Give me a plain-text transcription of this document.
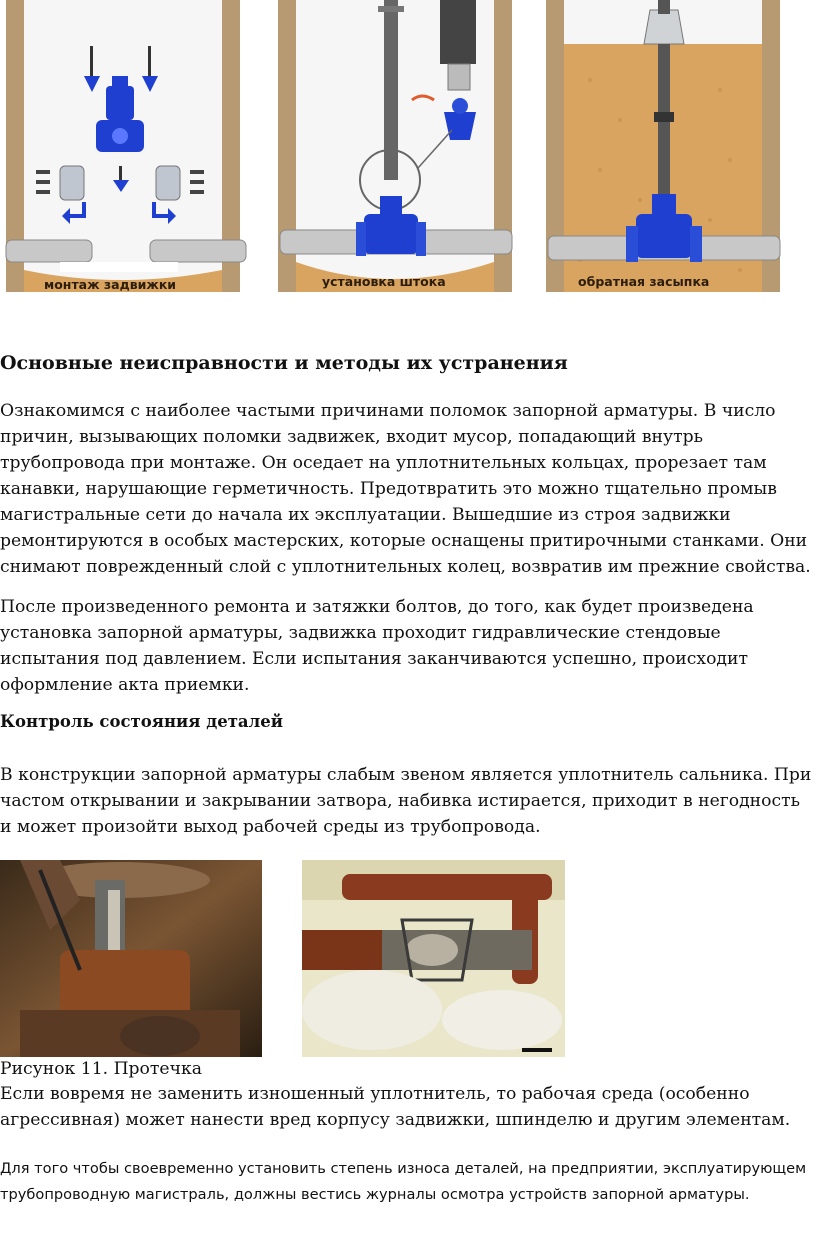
монтаж задвижки	установка штока	обратная засыпка
Основные неисправности и методы их устранения

Ознакомимся с наиболее частыми причинами поломок запорной арматуры. В число причин, вызывающих поломки задвижек, входит мусор, попадающий внутрь трубопровода при монтаже. Он оседает на уплотнительных кольцах, прорезает там канавки, нарушающие герметичность. Предотвратить это можно тщательно промыв магистральные сети до начала их эксплуатации. Вышедшие из строя задвижки ремонтируются в особых мастерских, которые оснащены притирочными станками. Они снимают поврежденный слой с уплотнительных колец, возвратив им прежние свойства.

После произведенного ремонта и затяжки болтов, до того, как будет произведена установка запорной арматуры, задвижка проходит гидравлические стендовые испытания под давлением. Если испытания заканчиваются успешно, происходит оформление акта приемки.

Контроль состояния деталей

В конструкции запорной арматуры слабым звеном является уплотнитель сальника. При частом открывании и закрывании затвора, набивка истирается, приходит в негодность и может произойти выход рабочей среды из трубопровода.

Рисунок 11. Протечка

Если вовремя не заменить изношенный уплотнитель, то рабочая среда (особенно агрессивная) может нанести вред корпусу задвижки, шпинделю и другим элементам.

Для того чтобы своевременно установить степень износа деталей, на предприятии, эксплуатирующем трубопроводную магистраль, должны вестись журналы осмотра устройств запорной арматуры.
